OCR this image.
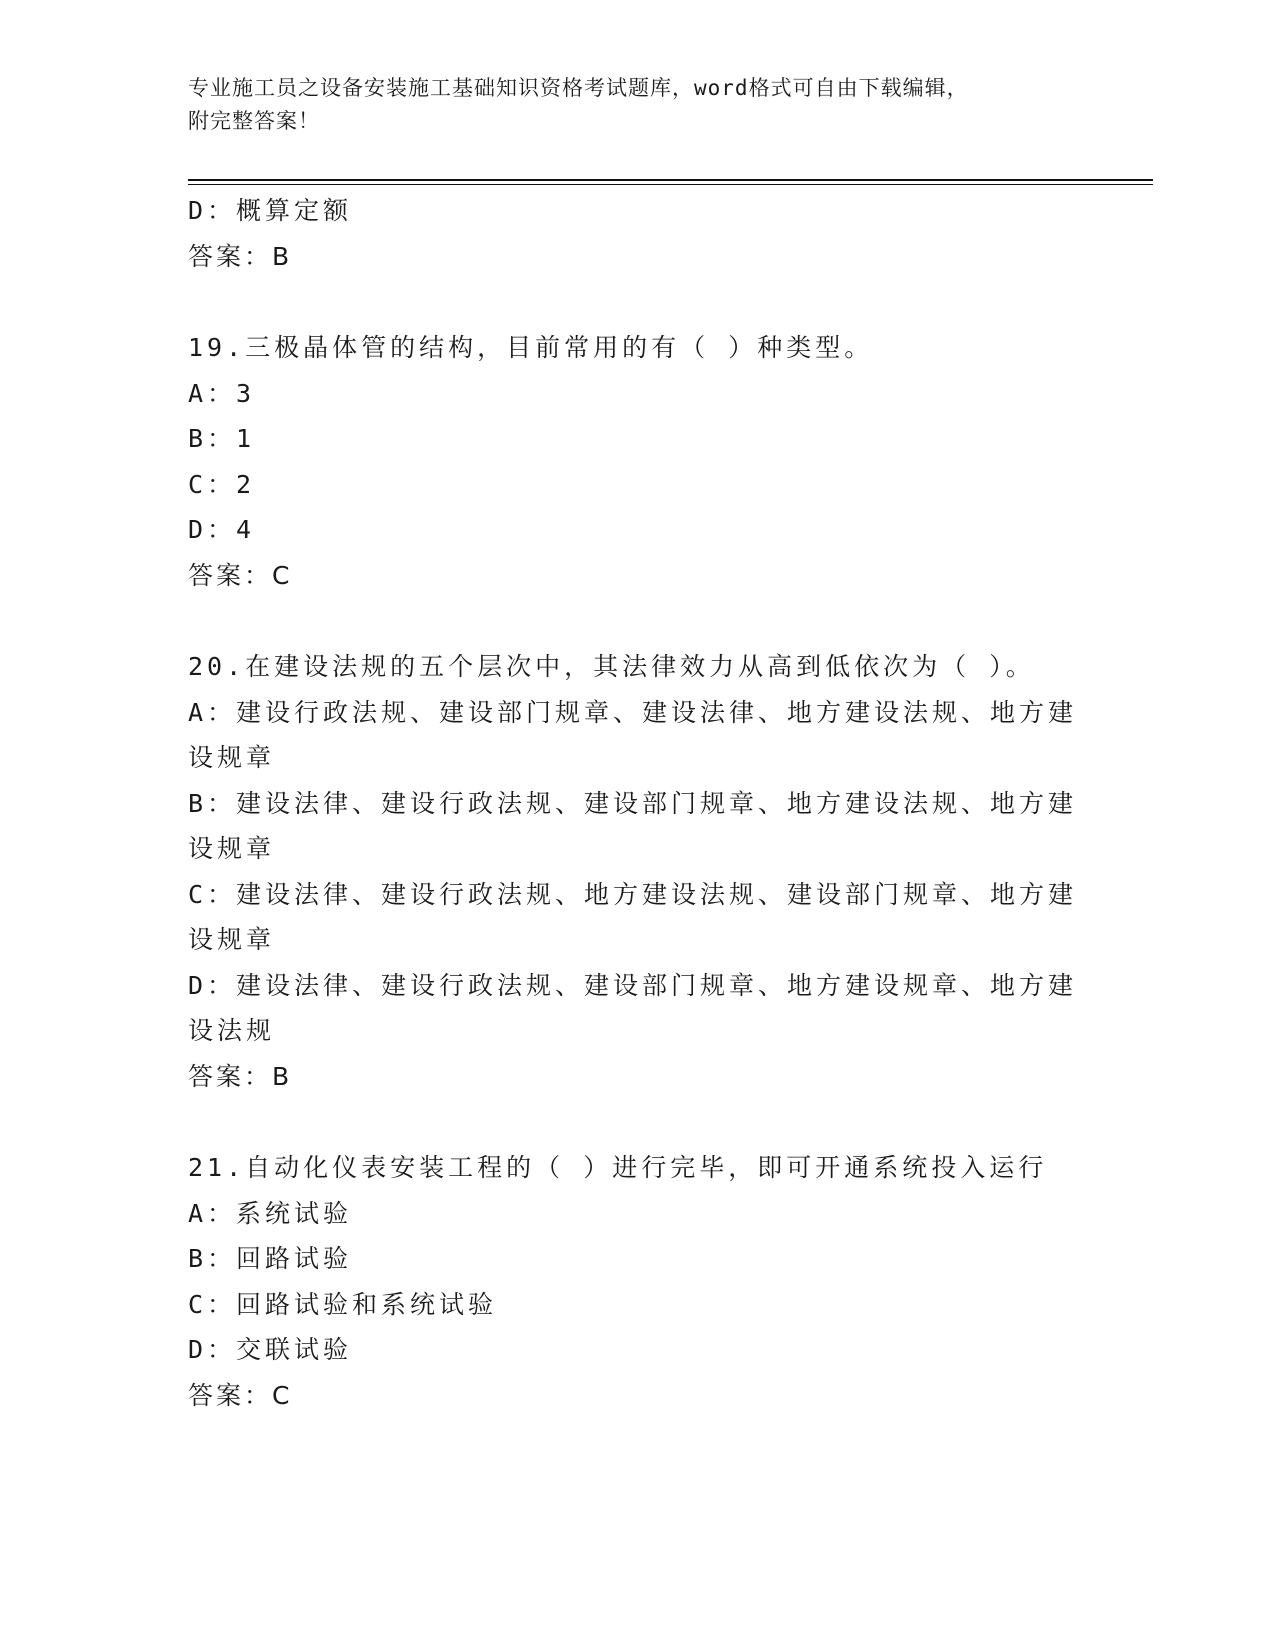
专业施工员之设备安装施工基础知识资格考试题库，word格式可自由下载编辑，
附完整答案！
D：概算定额
答案：B
19.三极晶体管的结构，目前常用的有（ ）种类型。
A：3
B：1
C：2
D：4
答案：C
20.在建设法规的五个层次中，其法律效力从高到低依次为（ ）。
A：建设行政法规、建设部门规章、建设法律、地方建设法规、地方建
设规章
B：建设法律、建设行政法规、建设部门规章、地方建设法规、地方建
设规章
C：建设法律、建设行政法规、地方建设法规、建设部门规章、地方建
设规章
D：建设法律、建设行政法规、建设部门规章、地方建设规章、地方建
设法规
答案：B
21.自动化仪表安装工程的（ ）进行完毕，即可开通系统投入运行
A：系统试验
B：回路试验
C：回路试验和系统试验
D：交联试验
答案：C
